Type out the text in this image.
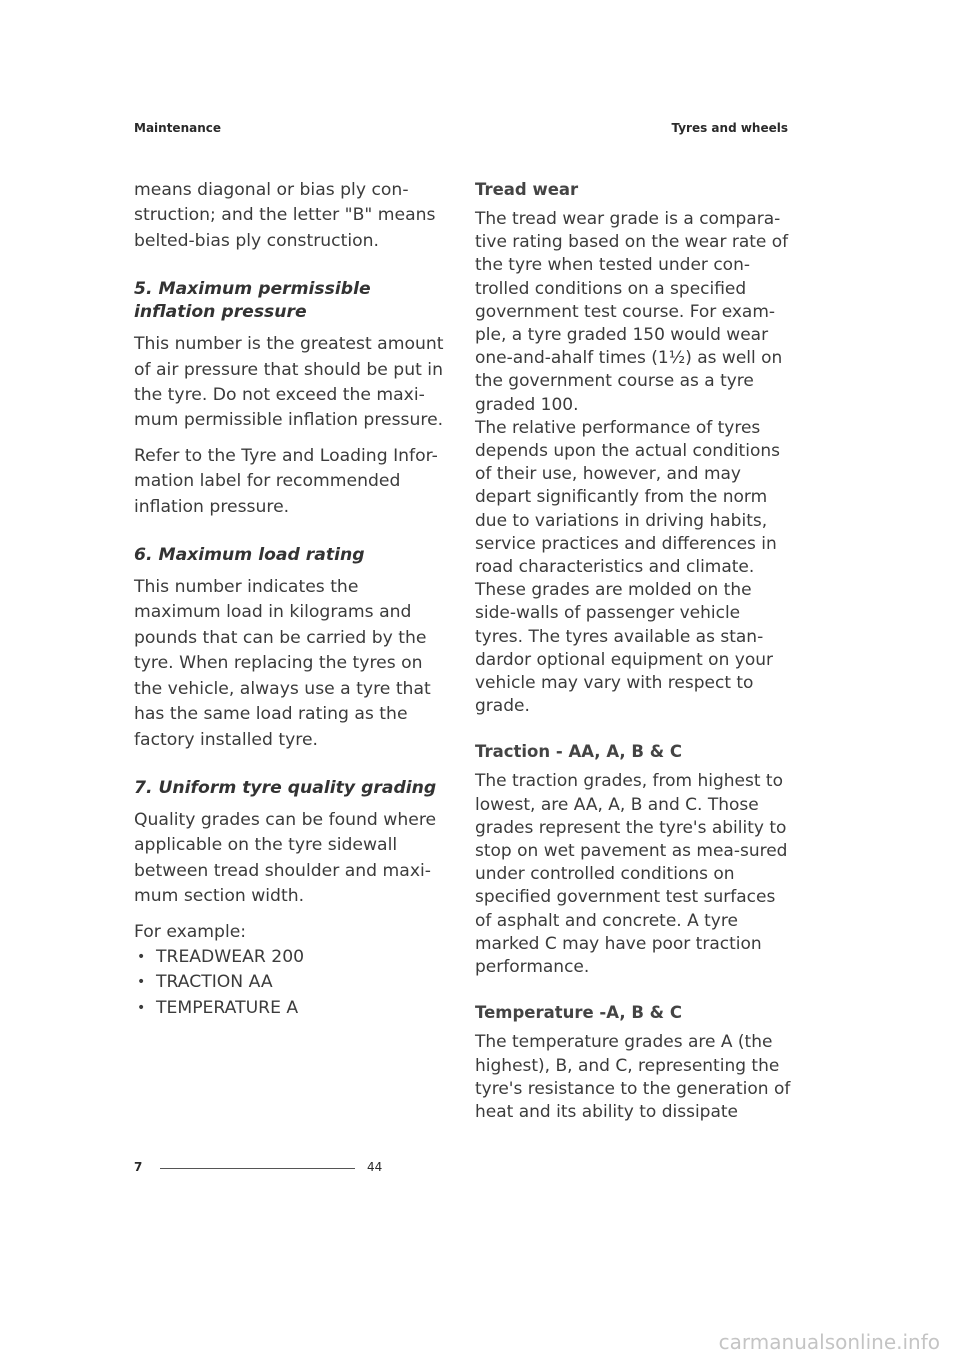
Maintenance	Tyres and wheels

means diagonal or bias ply con-struction; and the letter "B" means belted-bias ply construction.

5. Maximum permissible inflation pressure

This number is the greatest amount of air pressure that should be put in the tyre. Do not exceed the maxi-mum permissible inflation pressure.

Refer to the Tyre and Loading Infor-mation label for recommended inflation pressure.

6. Maximum load rating

This number indicates the maximum load in kilograms and pounds that can be carried by the tyre. When replacing the tyres on the vehicle, always use a tyre that has the same load rating as the factory installed tyre.

7. Uniform tyre quality grading

Quality grades can be found where applicable on the tyre sidewall between tread shoulder and maxi-mum section width.

For example:

• TREADWEAR 200
• TRACTION AA
• TEMPERATURE A
Tread wear

The tread wear grade is a compara-tive rating based on the wear rate of the tyre when tested under con-trolled conditions on a specified government test course. For exam-ple, a tyre graded 150 would wear one-and-ahalf times (1½) as well on the government course as a tyre graded 100.

The relative performance of tyres depends upon the actual conditions of their use, however, and may depart significantly from the norm due to variations in driving habits, service practices and differences in road characteristics and climate. These grades are molded on the side-walls of passenger vehicle tyres. The tyres available as stan-dardor optional equipment on your vehicle may vary with respect to grade.

Traction - AA, A, B & C

The traction grades, from highest to lowest, are AA, A, B and C. Those grades represent the tyre's ability to stop on wet pavement as mea-sured under controlled conditions on specified government test surfaces of asphalt and concrete. A tyre marked C may have poor traction performance.

Temperature -A, B & C

The temperature grades are A (the highest), B, and C, representing the tyre's resistance to the generation of heat and its ability to dissipate

7	44
carmanualsonline.info
